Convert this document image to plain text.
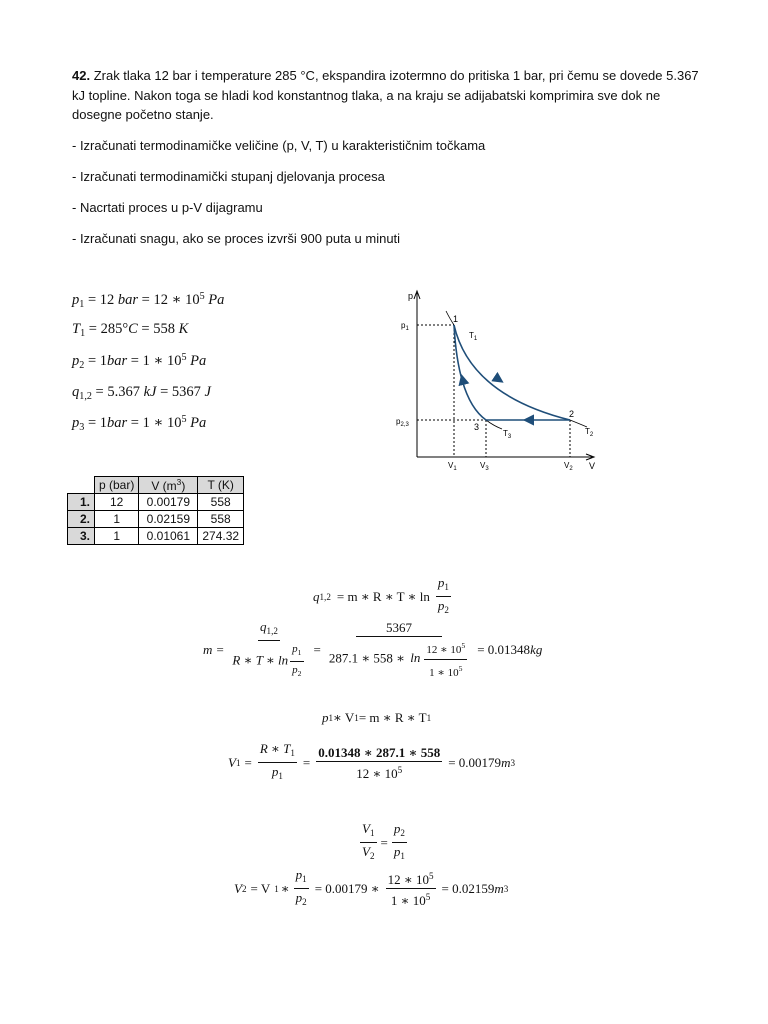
42. Zrak tlaka 12 bar i temperature 285 °C, ekspandira izotermno do pritiska 1 bar, pri čemu se dovede 5.367 kJ topline. Nakon toga se hladi kod konstantnog tlaka, a na kraju se adijabatski komprimira sve dok ne dosegne početno stanje.
- Izračunati termodinamičke veličine (p, V, T) u karakterističnim točkama
- Izračunati termodinamički stupanj djelovanja procesa
- Nacrtati proces u p-V dijagramu
- Izračunati snagu, ako se proces izvrši 900 puta u minuti
$p_1 = 12$ bar = 12 ∗ $10^5$ Pa
$T_1 = 285^\circ C = 558$ K
$p_2 = 1bar = 1$ ∗ $10^5$ Pa
$q_{1,2} = 5.367$ kJ = 5367 J
$p_3 = 1bar = 1$ ∗ $10^5$ Pa
p
V
$p_1$
$p_{2,3}$
$V_1$	$V_3$	$V_2$
1
2
3
$T_1$
$T_2$
$T_3$
	p (bar)	V $(m^3)$	T (K)
1.	12	0.00179	558
2.	1	0.02159	558
3.	1	0.01061	274.32
q 1,2 = m ∗ R ∗ T ∗ $\ln \frac{p_1}{p_2}$
$m = \frac{q_{1,2}}{R ∗ T ∗ \ln \frac{p_1}{p_2}} = \frac{5367}{287.1 ∗ 558 ∗ \ln \frac{12 ∗ 10^5}{1 ∗ 10^5}} = 0.01348$ kg
p 1 ∗ V 1 = m ∗ R ∗ T 1
V $1 = \frac{R ∗ T_1}{p_1} = \frac{0.01348 ∗ 287.1 ∗ 558}{12 ∗ 10^5} = 0.00179$ m 3
$\frac{V_1}{V_2} = \frac{p_2}{p_1}$
V 2 = V 1 ∗ $\frac{p_1}{p_2} = 0.00179$ ∗ $\frac{12 ∗ 10^5}{1 ∗ 10^5} = 0.02159$ m 3
